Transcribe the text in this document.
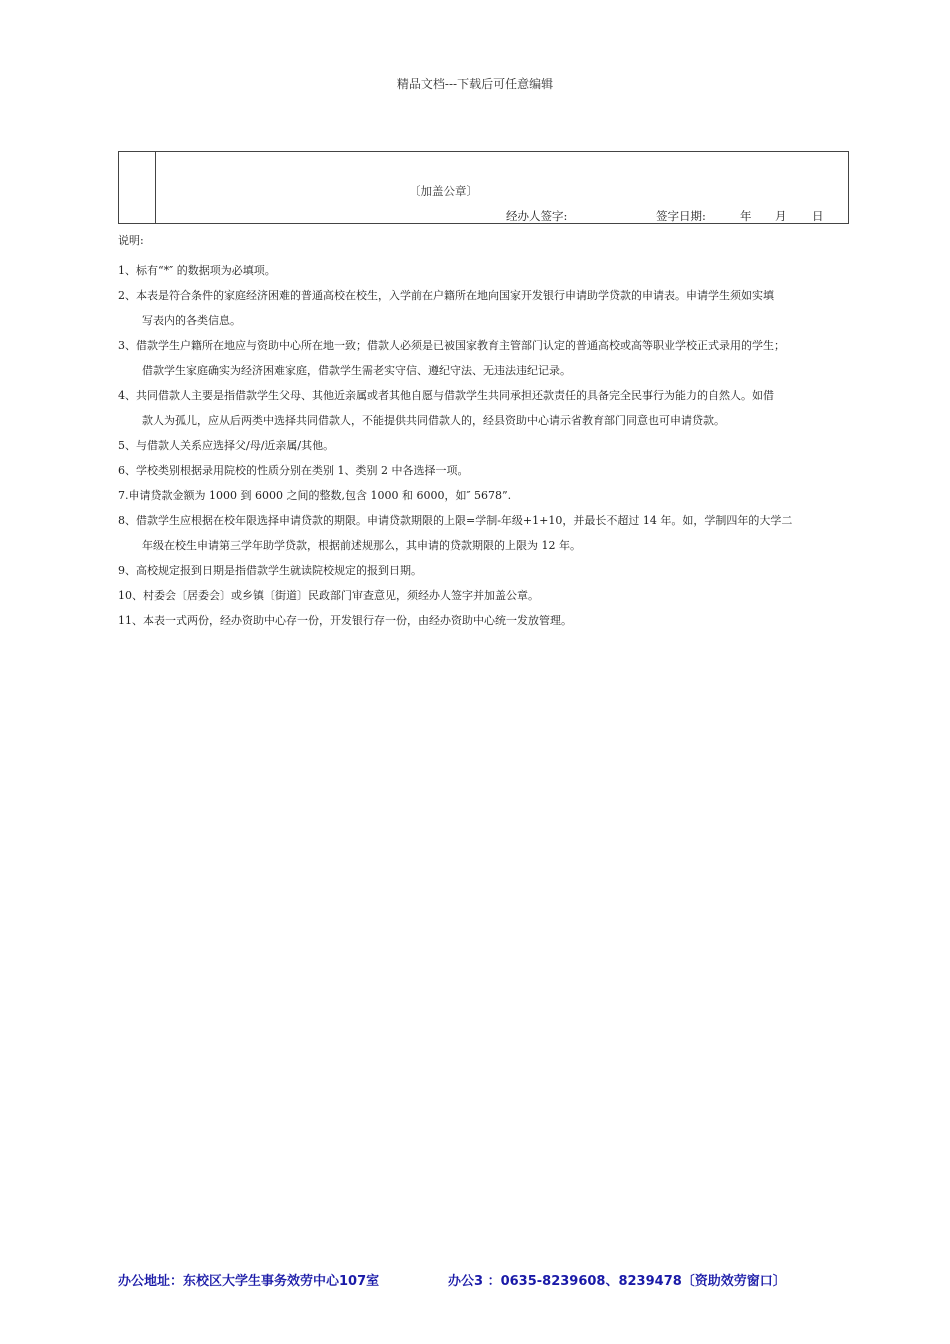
精品文档---下载后可任意编辑
〔加盖公章〕
经办人签字:	签字日期:	年 月 日
说明:
1、标有“*″ 的数据项为必填项。
2、本表是符合条件的家庭经济困难的普通高校在校生，入学前在户籍所在地向国家开发银行申请助学贷款的申请表。申请学生须如实填
写表内的各类信息。
3、借款学生户籍所在地应与资助中心所在地一致；借款人必须是已被国家教育主管部门认定的普通高校或高等职业学校正式录用的学生；
借款学生家庭确实为经济困难家庭，借款学生需老实守信、遵纪守法、无违法违纪记录。
4、共同借款人主要是指借款学生父母、其他近亲属或者其他自愿与借款学生共同承担还款责任的具备完全民事行为能力的自然人。如借
款人为孤儿，应从后两类中选择共同借款人，不能提供共同借款人的，经县资助中心请示省教育部门同意也可申请贷款。
5、与借款人关系应选择父/母/近亲属/其他。
6、学校类别根据录用院校的性质分别在类别 1、类别 2 中各选择一项。
7.申请贷款金额为 1000 到 6000 之间的整数,包含 1000 和 6000，如″ 5678”.
8、借款学生应根据在校年限选择申请贷款的期限。申请贷款期限的上限=学制-年级+1+10，并最长不超过 14 年。如，学制四年的大学二
年级在校生申请第三学年助学贷款，根据前述规那么，其申请的贷款期限的上限为 12 年。
9、高校规定报到日期是指借款学生就读院校规定的报到日期。
10、村委会〔居委会〕或乡镇〔街道〕民政部门审查意见，须经办人签字并加盖公章。
11、本表一式两份，经办资助中心存一份，开发银行存一份，由经办资助中心统一发放管理。
办公地址：东校区大学生事务效劳中心107室	办公3 ：0635-8239608、8239478〔资助效劳窗口〕
